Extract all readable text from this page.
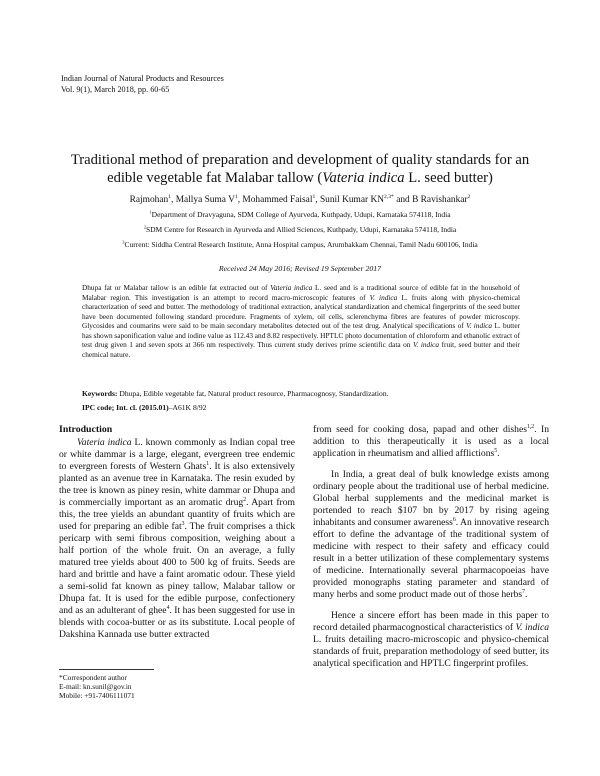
Indian Journal of Natural Products and Resources
Vol. 9(1), March 2018, pp. 60-65
Traditional method of preparation and development of quality standards for an
edible vegetable fat Malabar tallow (Vateria indica L. seed butter)
Rajmohan$^1$, Mallya Suma $V^1$, Mohammed Faisal$^1$, Sunil Kumar $KN^{2,3*}$ and B Ravishankar$^2$
$^1$Department of Dravyaguna, SDM College of Ayurveda, Kuthpady, Udupi, Karnataka 574118, India
$^2$SDM Centre for Research in Ayurveda and Allied Sciences, Kuthpady, Udupi, Karnataka 574118, India
$^3$Current: Siddha Central Research Institute, Anna Hospital campus, Arumbakkam Chennai, Tamil Nadu 600106, India
Received 24 May 2016; Revised 19 September 2017
Dhupa fat or Malabar tallow is an edible fat extracted out of Vateria indica L. seed and is a traditional source of edible fat in the household of Malabar region. This investigation is an attempt to record macro-microscopic features of V. indica L. fruits along with physico-chemical characterization of seed and butter. The methodology of traditional extraction, analytical standardization and chemical fingerprints of the seed butter have been documented following standard procedure. Fragments of xylem, oil cells, sclerenchyma fibres are features of powder microscopy. Glycosides and coumarins were said to be main secondary metabolites detected out of the test drug. Analytical specifications of V. indica L. butter has shown saponification value and iodine value as 112.43 and 8.82 respectively. HPTLC photo documentation of chloroform and ethanolic extract of test drug given 1 and seven spots at 366 nm respectively. Thus current study derives prime scientific data on V. indica fruit, seed butter and their chemical nature.
Keywords: Dhupa, Edible vegetable fat, Natural product resource, Pharmacognosy, Standardization.
IPC code; Int. cl. (2015.01)–A61K 8/92
Introduction

Vateria indica L. known commonly as Indian copal tree or white dammar is a large, elegant, evergreen tree endemic to evergreen forests of Western Ghats$^1$. It is also extensively planted as an avenue tree in Karnataka. The resin exuded by the tree is known as piney resin, white dammar or Dhupa and is commercially important as an aromatic drug$^2$. Apart from this, the tree yields an abundant quantity of fruits which are used for preparing an edible fat$^3$. The fruit comprises a thick pericarp with semi fibrous composition, weighing about a half portion of the whole fruit. On an average, a fully matured tree yields about 400 to 500 kg of fruits. Seeds are hard and brittle and have a faint aromatic odour. These yield a semi-solid fat known as piney tallow, Malabar tallow or Dhupa fat. It is used for the edible purpose, confectionery and as an adulterant of ghee$^4$. It has been suggested for use in blends with cocoa-butter or as its substitute. Local people of Dakshina Kannada use butter extracted

from seed for cooking dosa, papad and other dishes$^{1,2}$. In addition to this therapeutically it is used as a local application in rheumatism and allied afflictions$^5$.

In India, a great deal of bulk knowledge exists among ordinary people about the traditional use of herbal medicine. Global herbal supplements and the medicinal market is portended to reach $107 bn by 2017 by rising ageing inhabitants and consumer awareness$^6$. An innovative research effort to define the advantage of the traditional system of medicine with respect to their safety and efficacy could result in a better utilization of these complementary systems of medicine. Internationally several pharmacopoeias have provided monographs stating parameter and standard of many herbs and some product made out of those herbs$^7$.

Hence a sincere effort has been made in this paper to record detailed pharmacognostical characteristics of V. indica L. fruits detailing macro-microscopic and physico-chemical standards of fruit, preparation methodology of seed butter, its analytical specification and HPTLC fingerprint profiles.

*Correspondent author
E-mail: kn.sunil@gov.in
Mobile: +91-7406111071
